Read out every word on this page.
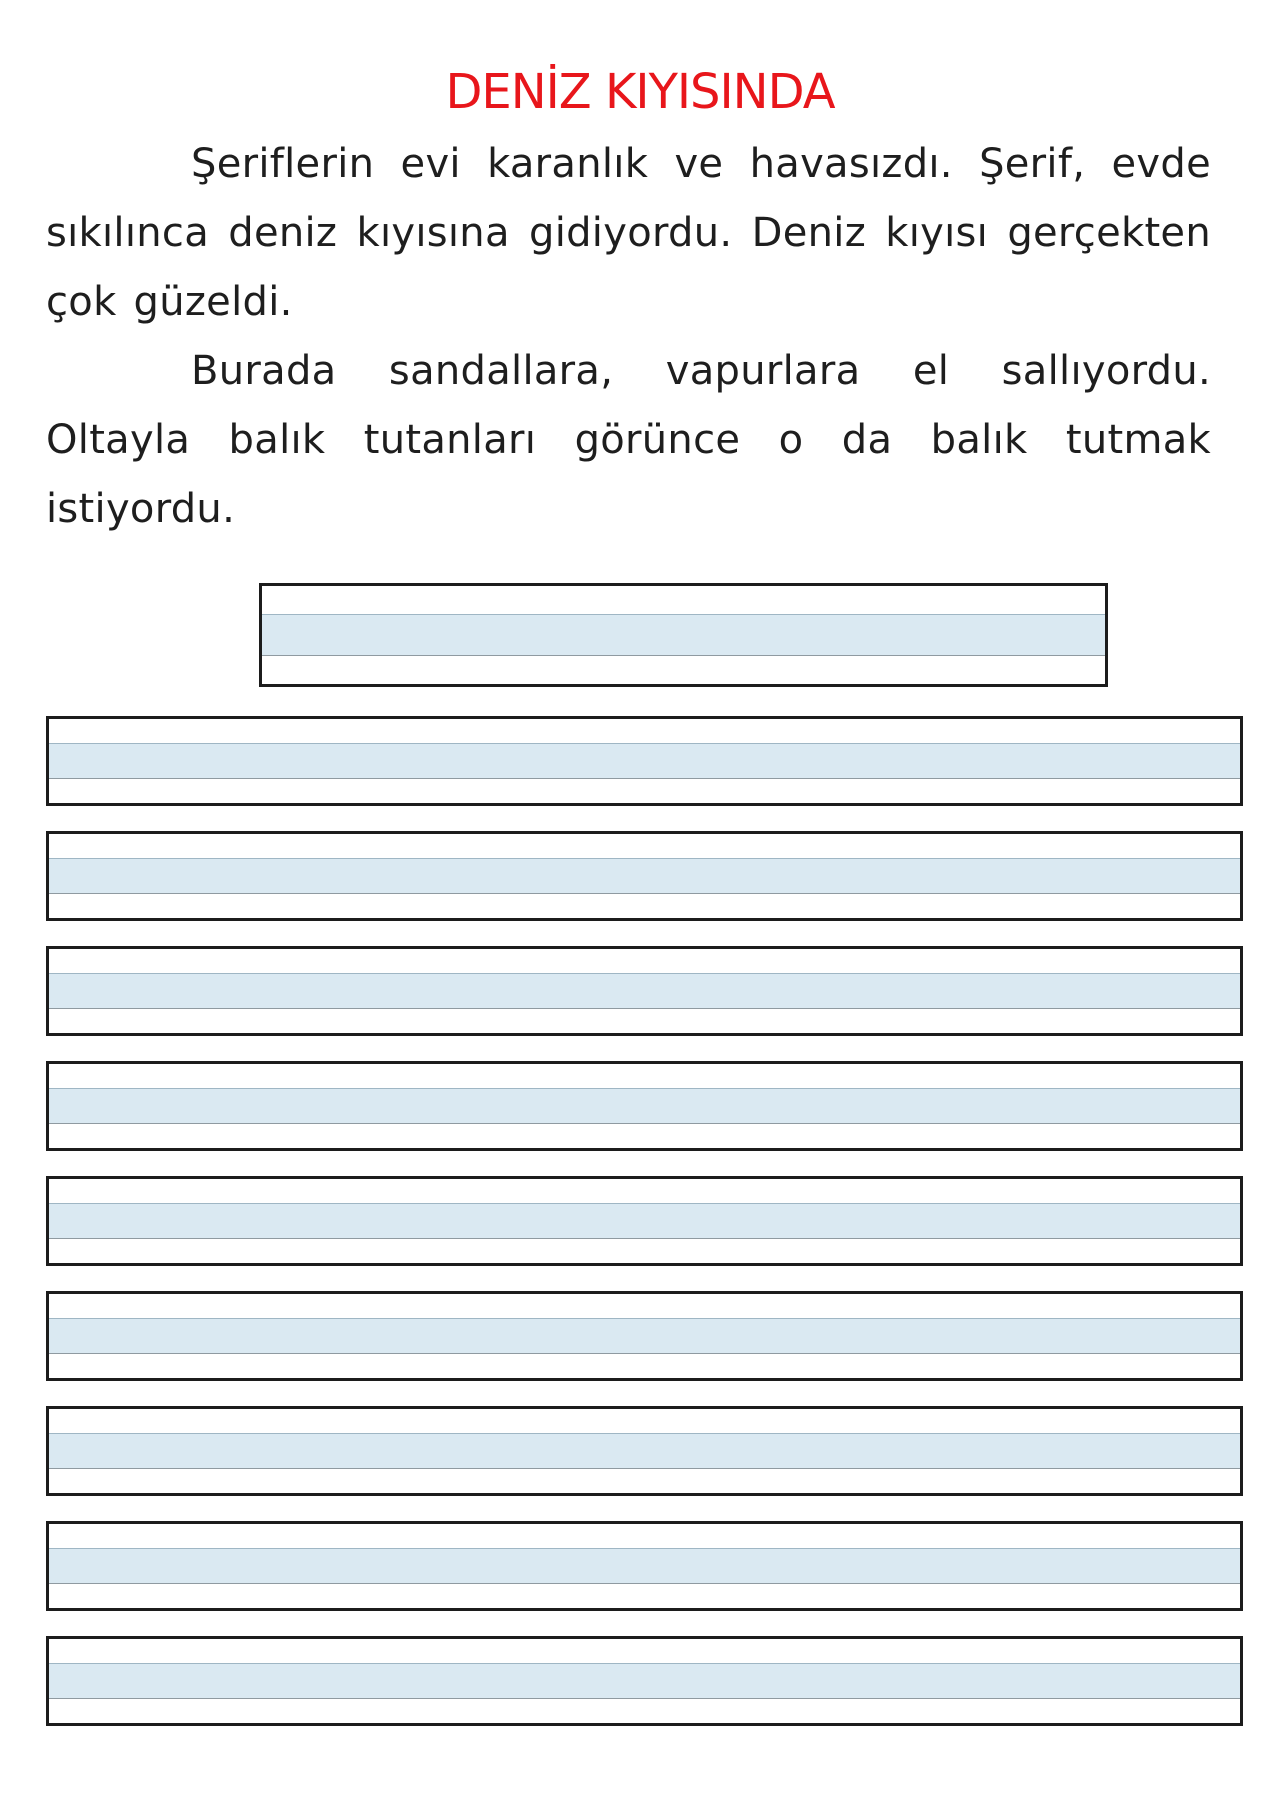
DENİZ KIYISINDA

Şeriflerin evi karanlık ve havasızdı. Şerif, evde sıkılınca deniz kıyısına gidiyordu. Deniz kıyısı gerçekten çok güzeldi.

Burada sandallara, vapurlara el sallıyordu. Oltayla balık tutanları görünce o da balık tutmak istiyordu.
